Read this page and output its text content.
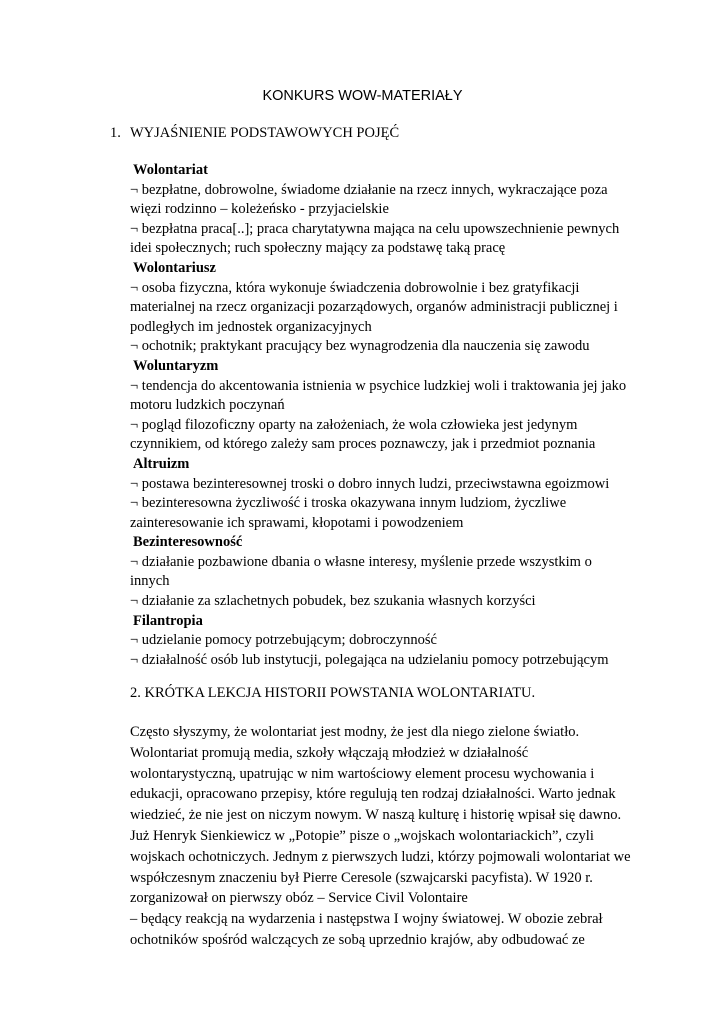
KONKURS WOW-MATERIAŁY
1. WYJAŚNIENIE PODSTAWOWYCH POJĘĆ
Wolontariat

¬ bezpłatne, dobrowolne, świadome działanie na rzecz innych, wykraczające poza więzi rodzinno – koleżeńsko - przyjacielskie

¬ bezpłatna praca[..]; praca charytatywna mająca na celu upowszechnienie pewnych idei społecznych; ruch społeczny mający za podstawę taką pracę

Wolontariusz

¬ osoba fizyczna, która wykonuje świadczenia dobrowolnie i bez gratyfikacji materialnej na rzecz organizacji pozarządowych, organów administracji publicznej i podległych im jednostek organizacyjnych

¬ ochotnik; praktykant pracujący bez wynagrodzenia dla nauczenia się zawodu

Woluntaryzm

¬ tendencja do akcentowania istnienia w psychice ludzkiej woli i traktowania jej jako motoru ludzkich poczynań

¬ pogląd filozoficzny oparty na założeniach, że wola człowieka jest jedynym czynnikiem, od którego zależy sam proces poznawczy, jak i przedmiot poznania

Altruizm

¬ postawa bezinteresownej troski o dobro innych ludzi, przeciwstawna egoizmowi

¬ bezinteresowna życzliwość i troska okazywana innym ludziom, życzliwe zainteresowanie ich sprawami, kłopotami i powodzeniem

Bezinteresowność

¬ działanie pozbawione dbania o własne interesy, myślenie przede wszystkim o innych

¬ działanie za szlachetnych pobudek, bez szukania własnych korzyści

Filantropia

¬ udzielanie pomocy potrzebującym; dobroczynność

¬ działalność osób lub instytucji, polegająca na udzielaniu pomocy potrzebującym

2. KRÓTKA LEKCJA HISTORII POWSTANIA WOLONTARIATU.

Często słyszymy, że wolontariat jest modny, że jest dla niego zielone światło. Wolontariat promują media, szkoły włączają młodzież w działalność wolontarystyczną, upatrując w nim wartościowy element procesu wychowania i edukacji, opracowano przepisy, które regulują ten rodzaj działalności. Warto jednak wiedzieć, że nie jest on niczym nowym. W naszą kulturę i historię wpisał się dawno. Już Henryk Sienkiewicz w „Potopie” pisze o „wojskach wolontariackich”, czyli wojskach ochotniczych. Jednym z pierwszych ludzi, którzy pojmowali wolontariat we współczesnym znaczeniu był Pierre Ceresole (szwajcarski pacyfista). W 1920 r. zorganizował on pierwszy obóz – Service Civil Volontaire

– będący reakcją na wydarzenia i następstwa I wojny światowej. W obozie zebrał ochotników spośród walczących ze sobą uprzednio krajów, aby odbudować ze
